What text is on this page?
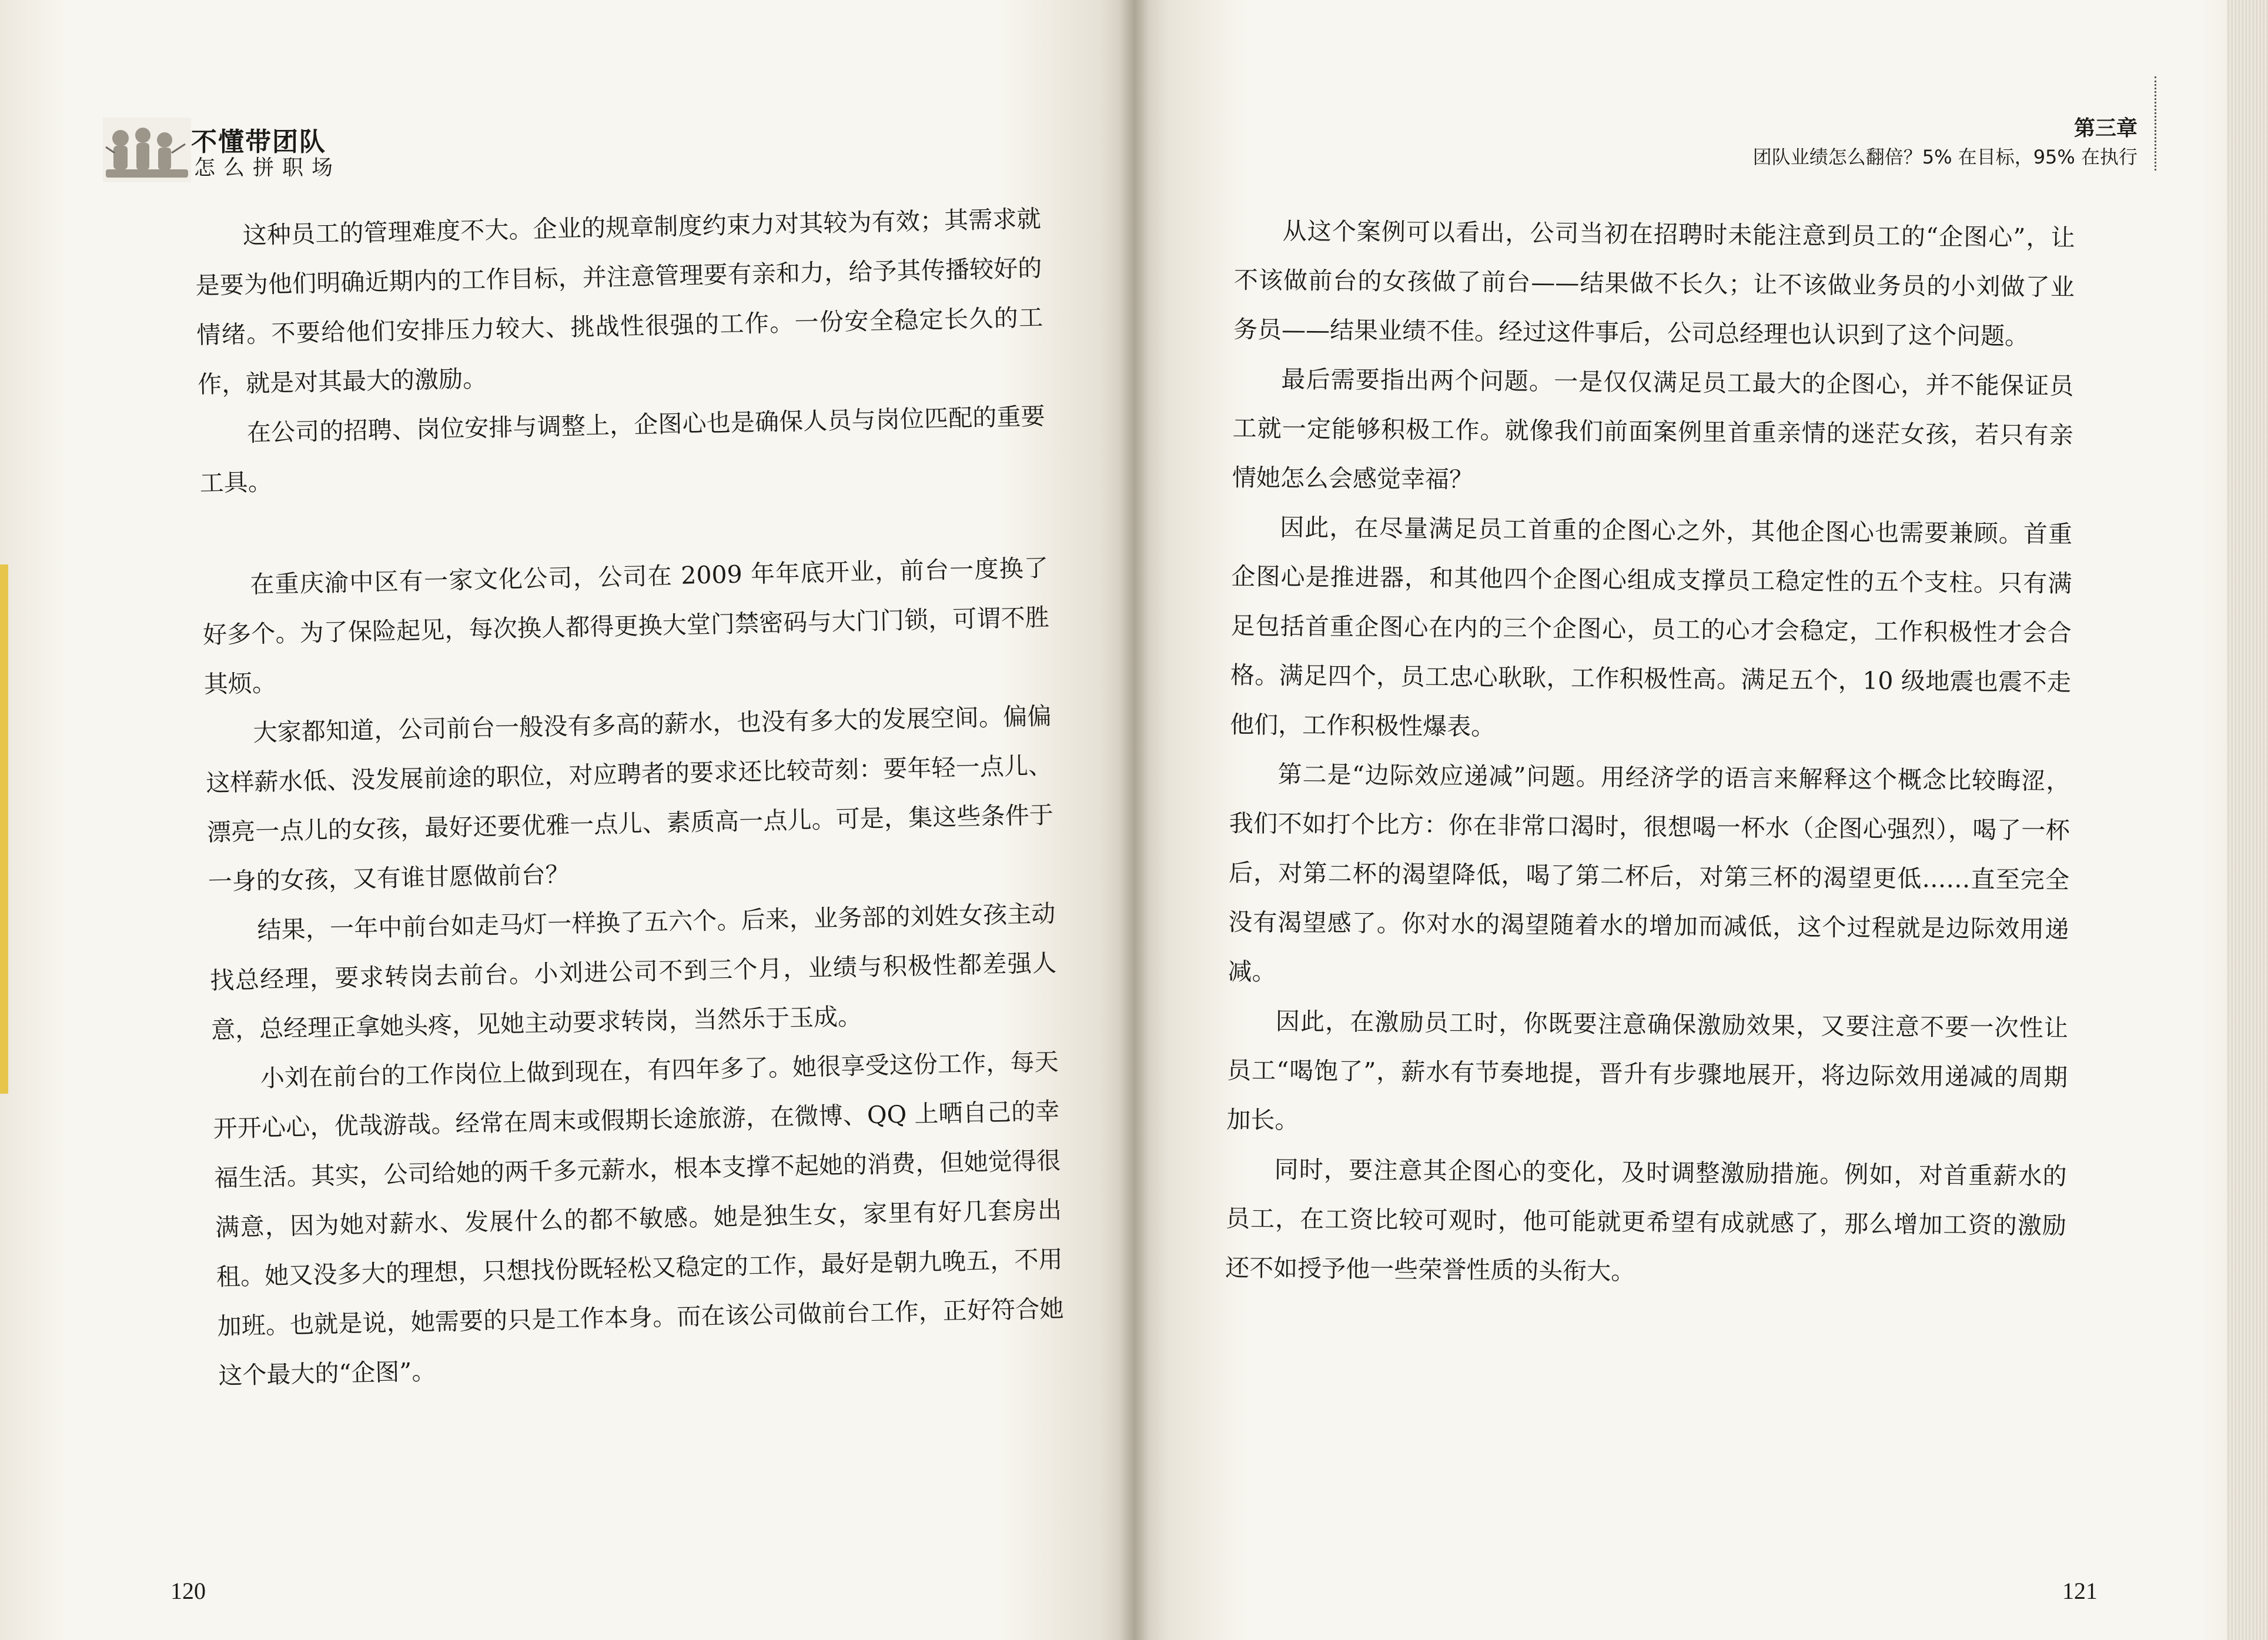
不懂带团队

怎么拼职场

这种员工的管理难度不大。企业的规章制度约束力对其较为有效；其需求就是要为他们明确近期内的工作目标，并注意管理要有亲和力，给予其传播较好的情绪。不要给他们安排压力较大、挑战性很强的工作。一份安全稳定长久的工作，就是对其最大的激励。

在公司的招聘、岗位安排与调整上，企图心也是确保人员与岗位匹配的重要工具。

在重庆渝中区有一家文化公司，公司在 2009 年年底开业，前台一度换了好多个。为了保险起见，每次换人都得更换大堂门禁密码与大门门锁，可谓不胜其烦。

大家都知道，公司前台一般没有多高的薪水，也没有多大的发展空间。偏偏这样薪水低、没发展前途的职位，对应聘者的要求还比较苛刻：要年轻一点儿、漂亮一点儿的女孩，最好还要优雅一点儿、素质高一点儿。可是，集这些条件于一身的女孩，又有谁甘愿做前台？

结果，一年中前台如走马灯一样换了五六个。后来，业务部的刘姓女孩主动找总经理，要求转岗去前台。小刘进公司不到三个月，业绩与积极性都差强人意，总经理正拿她头疼，见她主动要求转岗，当然乐于玉成。

小刘在前台的工作岗位上做到现在，有四年多了。她很享受这份工作，每天开开心心，优哉游哉。经常在周末或假期长途旅游，在微博、QQ 上晒自己的幸福生活。其实，公司给她的两千多元薪水，根本支撑不起她的消费，但她觉得很满意，因为她对薪水、发展什么的都不敏感。她是独生女，家里有好几套房出租。她又没多大的理想，只想找份既轻松又稳定的工作，最好是朝九晚五，不用加班。也就是说，她需要的只是工作本身。而在该公司做前台工作，正好符合她这个最大的“企图”。

120

第三章

团队业绩怎么翻倍？5% 在目标，95% 在执行

从这个案例可以看出，公司当初在招聘时未能注意到员工的“企图心”，让不该做前台的女孩做了前台——结果做不长久；让不该做业务员的小刘做了业务员——结果业绩不佳。经过这件事后，公司总经理也认识到了这个问题。

最后需要指出两个问题。一是仅仅满足员工最大的企图心，并不能保证员工就一定能够积极工作。就像我们前面案例里首重亲情的迷茫女孩，若只有亲情她怎么会感觉幸福？

因此，在尽量满足员工首重的企图心之外，其他企图心也需要兼顾。首重企图心是推进器，和其他四个企图心组成支撑员工稳定性的五个支柱。只有满足包括首重企图心在内的三个企图心，员工的心才会稳定，工作积极性才会合格。满足四个，员工忠心耿耿，工作积极性高。满足五个，10 级地震也震不走他们，工作积极性爆表。

第二是“边际效应递减”问题。用经济学的语言来解释这个概念比较晦涩，我们不如打个比方：你在非常口渴时，很想喝一杯水（企图心强烈），喝了一杯后，对第二杯的渴望降低，喝了第二杯后，对第三杯的渴望更低……直至完全没有渴望感了。你对水的渴望随着水的增加而减低，这个过程就是边际效用递减。

因此，在激励员工时，你既要注意确保激励效果，又要注意不要一次性让员工“喝饱了”，薪水有节奏地提，晋升有步骤地展开，将边际效用递减的周期加长。

同时，要注意其企图心的变化，及时调整激励措施。例如，对首重薪水的员工，在工资比较可观时，他可能就更希望有成就感了，那么增加工资的激励还不如授予他一些荣誉性质的头衔大。

121
